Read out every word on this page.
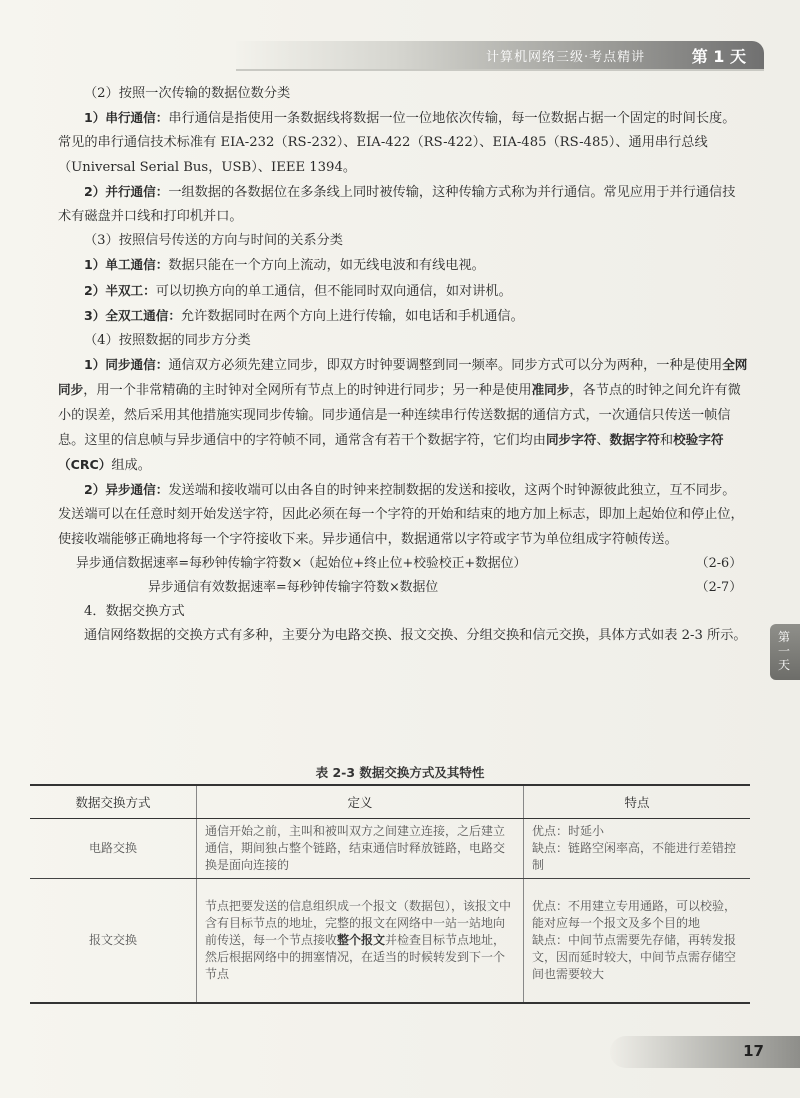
计算机网络三级·考点精讲	第 1 天

（2）按照一次传输的数据位数分类

1）串行通信：串行通信是指使用一条数据线将数据一位一位地依次传输，每一位数据占据一个固定的时间长度。常见的串行通信技术标准有 EIA-232（RS-232）、EIA-422（RS-422）、EIA-485（RS-485）、通用串行总线（Universal Serial Bus，USB）、IEEE 1394。

2）并行通信：一组数据的各数据位在多条线上同时被传输，这种传输方式称为并行通信。常见应用于并行通信技术有磁盘并口线和打印机并口。

（3）按照信号传送的方向与时间的关系分类

1）单工通信：数据只能在一个方向上流动，如无线电波和有线电视。

2）半双工：可以切换方向的单工通信，但不能同时双向通信，如对讲机。

3）全双工通信：允许数据同时在两个方向上进行传输，如电话和手机通信。

（4）按照数据的同步方分类

1）同步通信：通信双方必须先建立同步，即双方时钟要调整到同一频率。同步方式可以分为两种，一种是使用全网同步，用一个非常精确的主时钟对全网所有节点上的时钟进行同步；另一种是使用准同步，各节点的时钟之间允许有微小的误差，然后采用其他措施实现同步传输。同步通信是一种连续串行传送数据的通信方式，一次通信只传送一帧信息。这里的信息帧与异步通信中的字符帧不同，通常含有若干个数据字符，它们均由同步字符、数据字符和校验字符（CRC）组成。

2）异步通信：发送端和接收端可以由各自的时钟来控制数据的发送和接收，这两个时钟源彼此独立，互不同步。发送端可以在任意时刻开始发送字符，因此必须在每一个字符的开始和结束的地方加上标志，即加上起始位和停止位，使接收端能够正确地将每一个字符接收下来。异步通信中，数据通常以字符或字节为单位组成字符帧传送。

异步通信数据速率=每秒钟传输字符数×（起始位+终止位+校验校正+数据位）	（2-6）
异步通信有效数据速率=每秒钟传输字符数×数据位	（2-7）

4．数据交换方式

通信网络数据的交换方式有多种，主要分为电路交换、报文交换、分组交换和信元交换，具体方式如表 2-3 所示。	第一天
表 2-3 数据交换方式及其特性
数据交换方式	定义	特点
电路交换	通信开始之前，主叫和被叫双方之间建立连接，之后建立通信，期间独占整个链路，结束通信时释放链路，电路交换是面向连接的	优点：时延小
缺点：链路空闲率高，不能进行差错控制
报文交换	节点把要发送的信息组织成一个报文（数据包），该报文中含有目标节点的地址，完整的报文在网络中一站一站地向前传送，每一个节点接收整个报文并检查目标节点地址，然后根据网络中的拥塞情况，在适当的时候转发到下一个节点	优点：不用建立专用通路，可以校验，能对应每一个报文及多个目的地
缺点：中间节点需要先存储，再转发报文，因而延时较大，中间节点需存储空间也需要较大
17
